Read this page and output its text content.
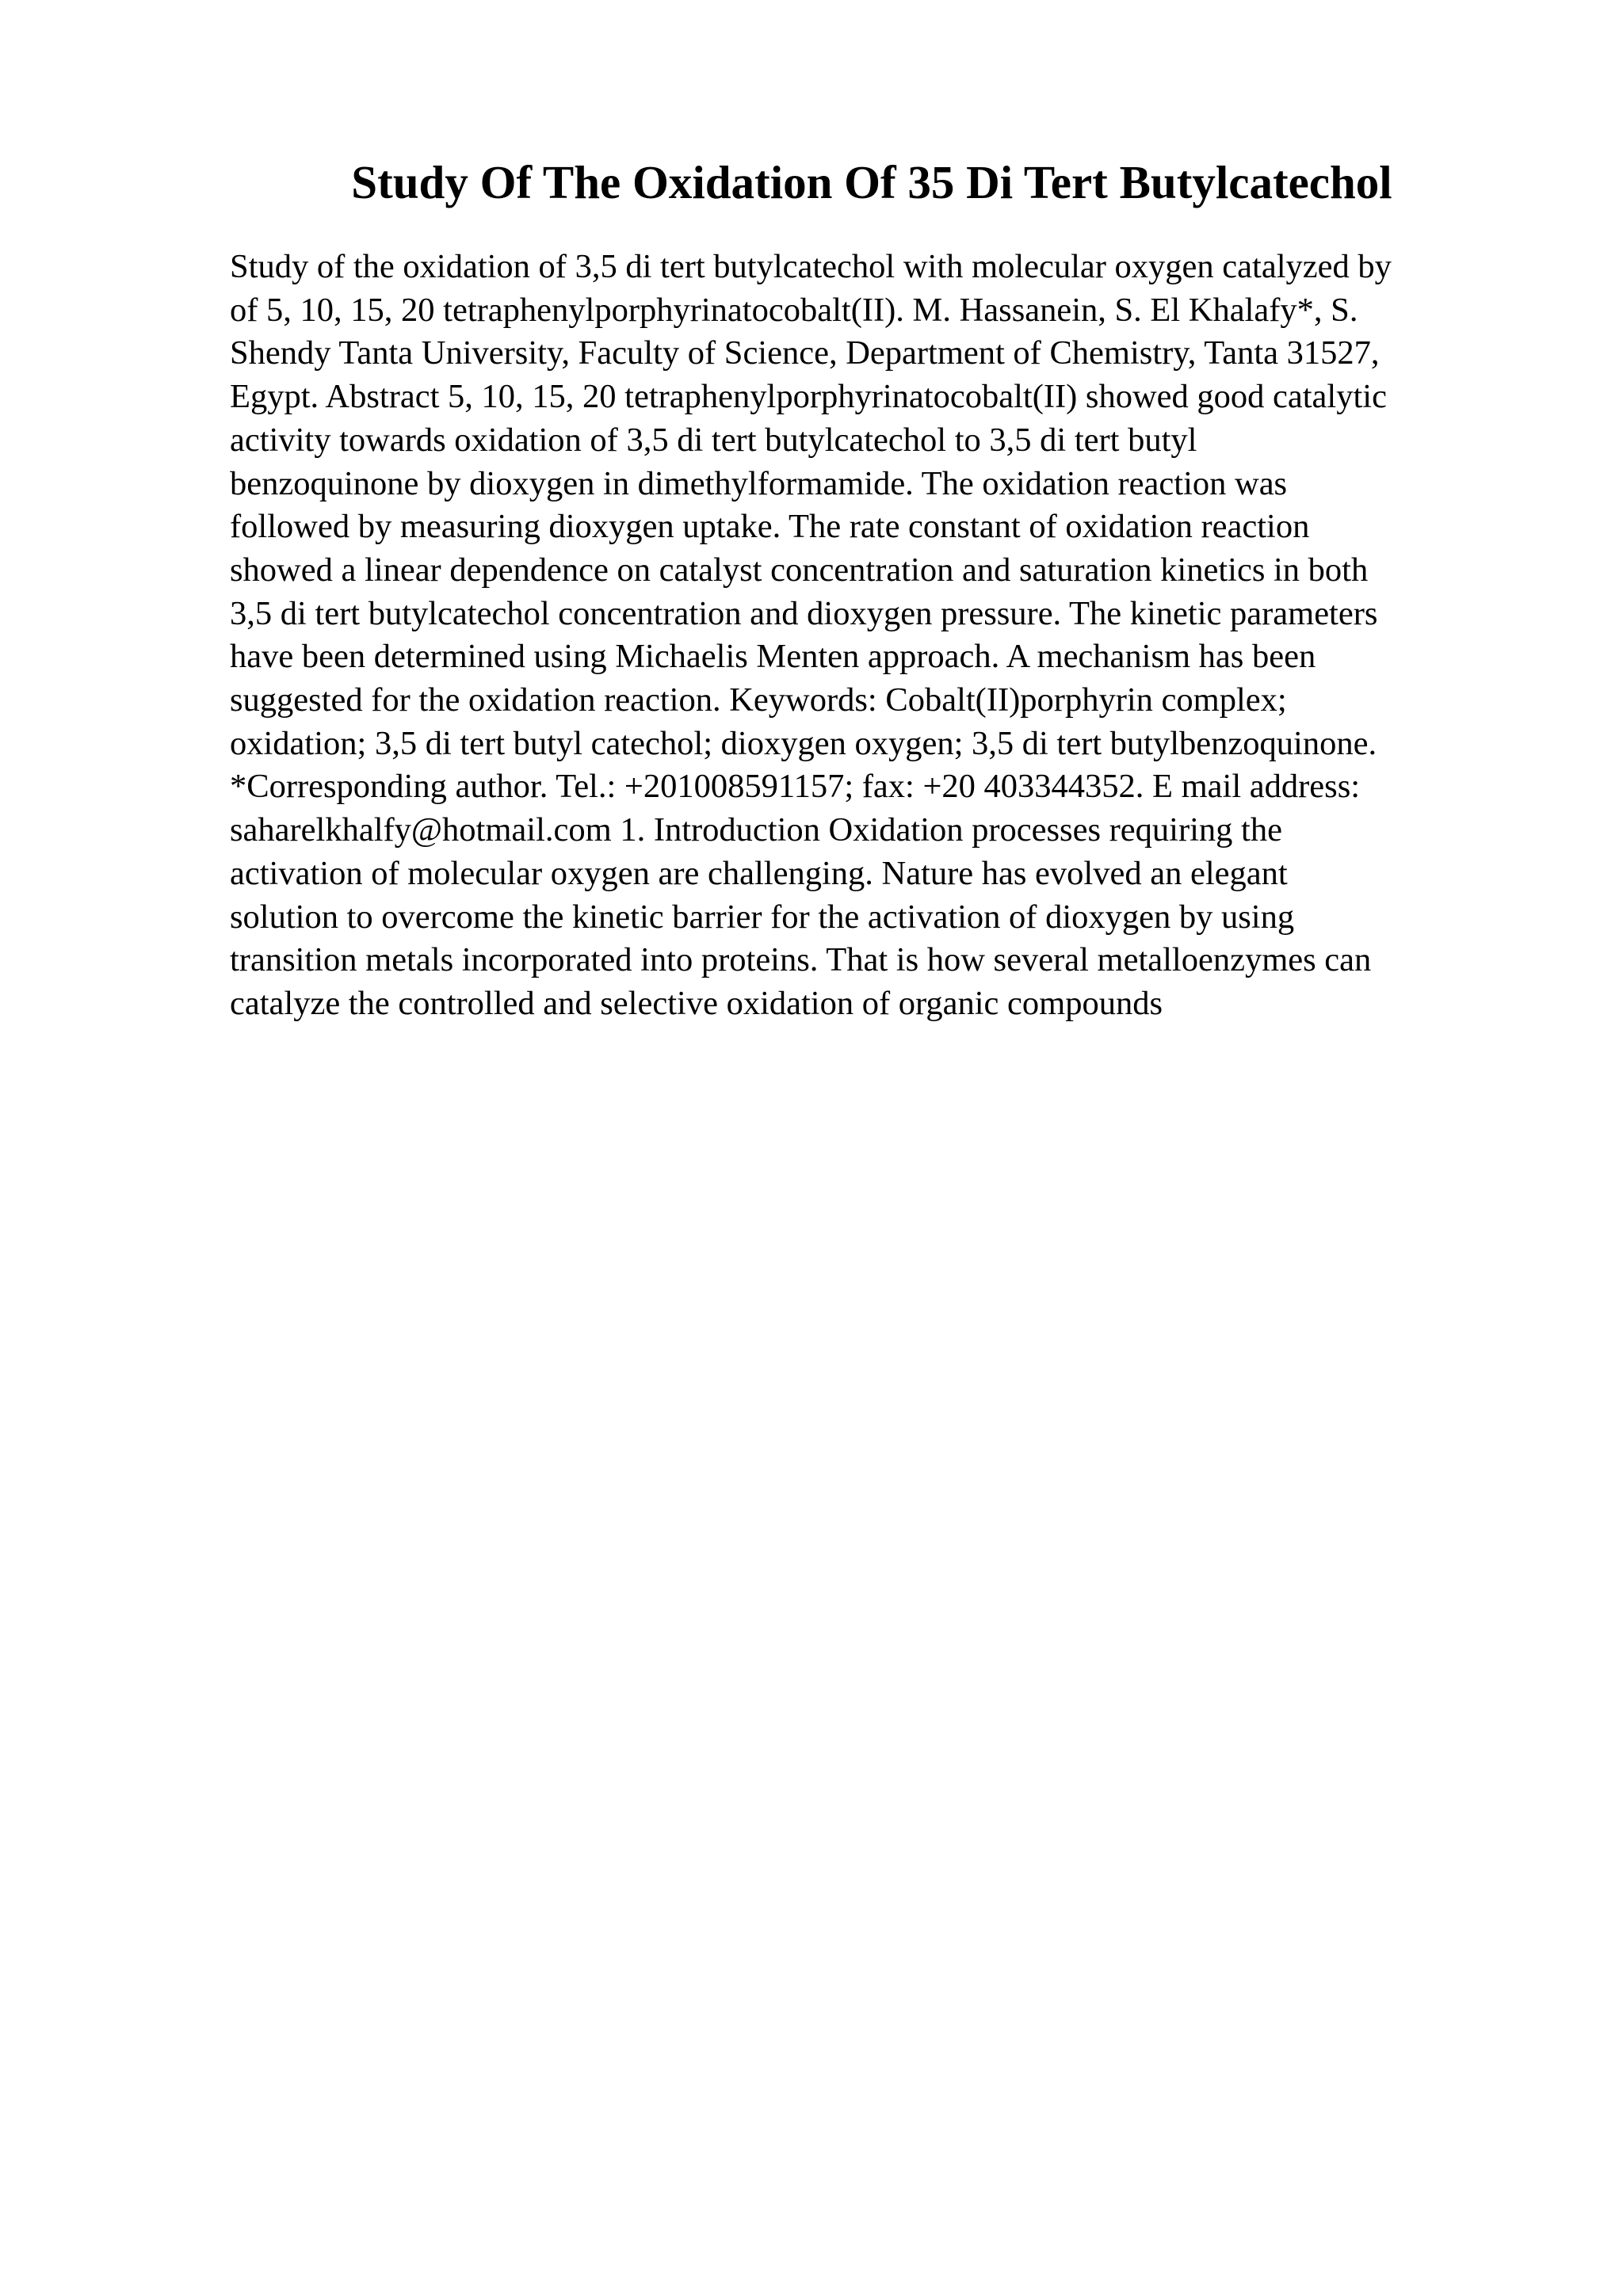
Study Of The Oxidation Of 35 Di Tert Butylcatechol
Study of the oxidation of 3,5 di tert butylcatechol with molecular oxygen catalyzed by
of 5, 10, 15, 20 tetraphenylporphyrinatocobalt(II). M. Hassanein, S. El Khalafy*, S.
Shendy Tanta University, Faculty of Science, Department of Chemistry, Tanta 31527,
Egypt. Abstract 5, 10, 15, 20 tetraphenylporphyrinatocobalt(II) showed good catalytic
activity towards oxidation of 3,5 di tert butylcatechol to 3,5 di tert butyl
benzoquinone by dioxygen in dimethylformamide. The oxidation reaction was
followed by measuring dioxygen uptake. The rate constant of oxidation reaction
showed a linear dependence on catalyst concentration and saturation kinetics in both
3,5 di tert butylcatechol concentration and dioxygen pressure. The kinetic parameters
have been determined using Michaelis Menten approach. A mechanism has been
suggested for the oxidation reaction. Keywords: Cobalt(II)porphyrin complex;
oxidation; 3,5 di tert butyl catechol; dioxygen oxygen; 3,5 di tert butylbenzoquinone.
*Corresponding author. Tel.: +201008591157; fax: +20 403344352. E mail address:
saharelkhalfy@hotmail.com 1. Introduction Oxidation processes requiring the
activation of molecular oxygen are challenging. Nature has evolved an elegant
solution to overcome the kinetic barrier for the activation of dioxygen by using
transition metals incorporated into proteins. That is how several metalloenzymes can
catalyze the controlled and selective oxidation of organic compounds
